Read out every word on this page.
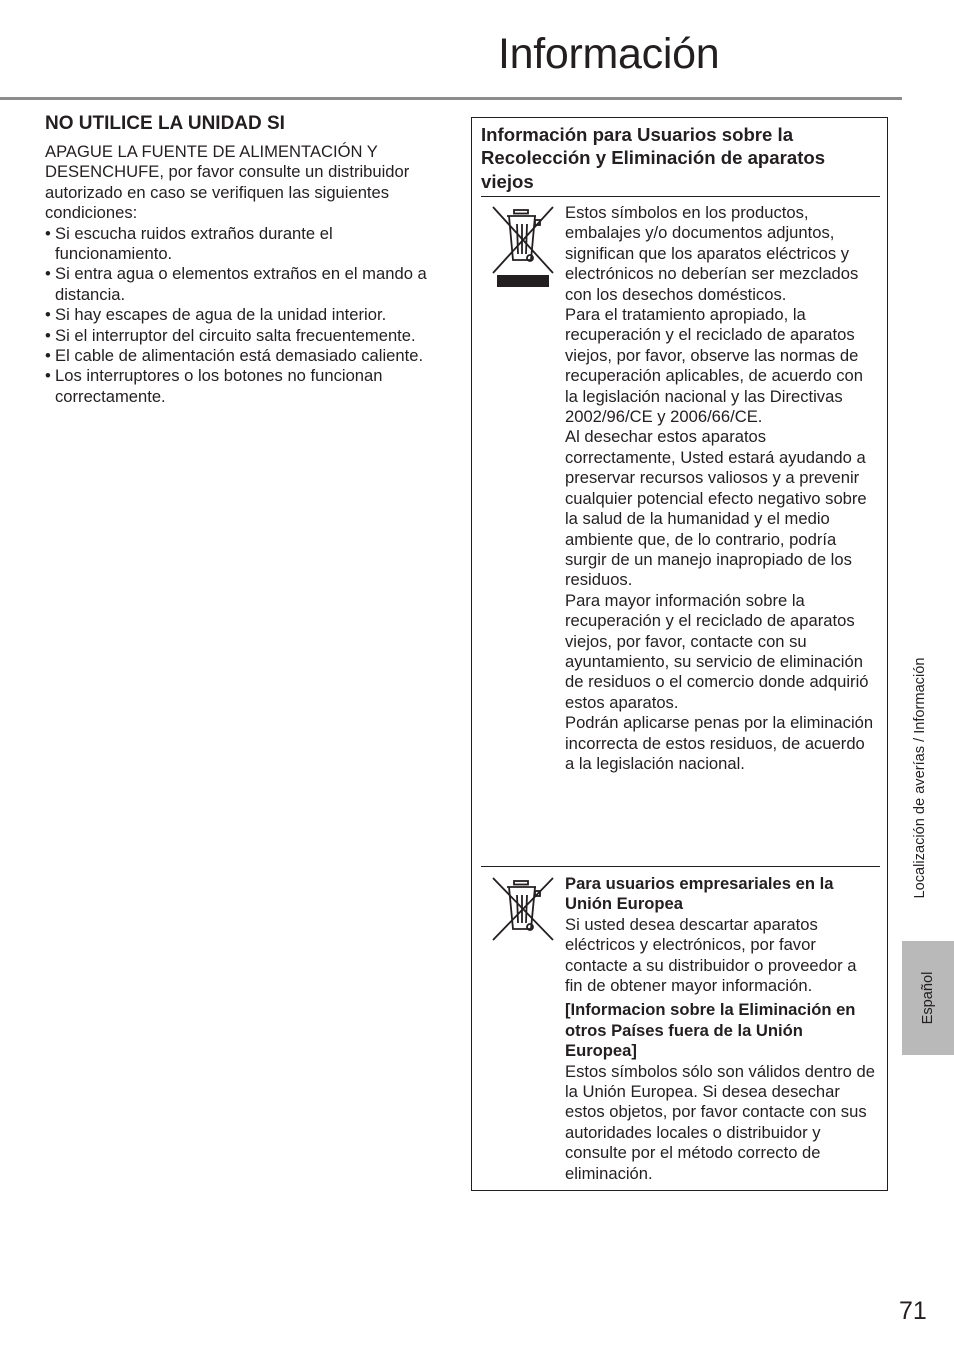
Información
NO UTILICE LA UNIDAD SI

APAGUE LA FUENTE DE ALIMENTACIÓN Y DESENCHUFE, por favor consulte un distribuidor autorizado en caso se verifiquen las siguientes condiciones:

• Si escucha ruidos extraños durante el funcionamiento.
• Si entra agua o elementos extraños en el mando a distancia.
• Si hay escapes de agua de la unidad interior.
• Si el interruptor del circuito salta frecuentemente.
• El cable de alimentación está demasiado caliente.
• Los interruptores o los botones no funcionan correctamente.
Información para Usuarios sobre la Recolección y Eliminación de aparatos viejos

Estos símbolos en los productos, embalajes y/o documentos adjuntos, significan que los aparatos eléctricos y electrónicos no deberían ser mezclados con los desechos domésticos.

Para el tratamiento apropiado, la recuperación y el reciclado de aparatos viejos, por favor, observe las normas de recuperación aplicables, de acuerdo con la legislación nacional y las Directivas 2002/96/CE y 2006/66/CE.

Al desechar estos aparatos correctamente, Usted estará ayudando a preservar recursos valiosos y a prevenir cualquier potencial efecto negativo sobre la salud de la humanidad y el medio ambiente que, de lo contrario, podría surgir de un manejo inapropiado de los residuos.

Para mayor información sobre la recuperación y el reciclado de aparatos viejos, por favor, contacte con su ayuntamiento, su servicio de eliminación de residuos o el comercio donde adquirió estos aparatos.

Podrán aplicarse penas por la eliminación incorrecta de estos residuos, de acuerdo a la legislación nacional.

Para usuarios empresariales en la Unión Europea

Si usted desea descartar aparatos eléctricos y electrónicos, por favor contacte a su distribuidor o proveedor a fin de obtener mayor información.

[Informacion sobre la Eliminación en otros Países fuera de la Unión Europea]

Estos símbolos sólo son válidos dentro de la Unión Europea. Si desea desechar estos objetos, por favor contacte con sus autoridades locales o distribuidor y consulte por el método correcto de eliminación.

Localización de averías / Información
Español
71
